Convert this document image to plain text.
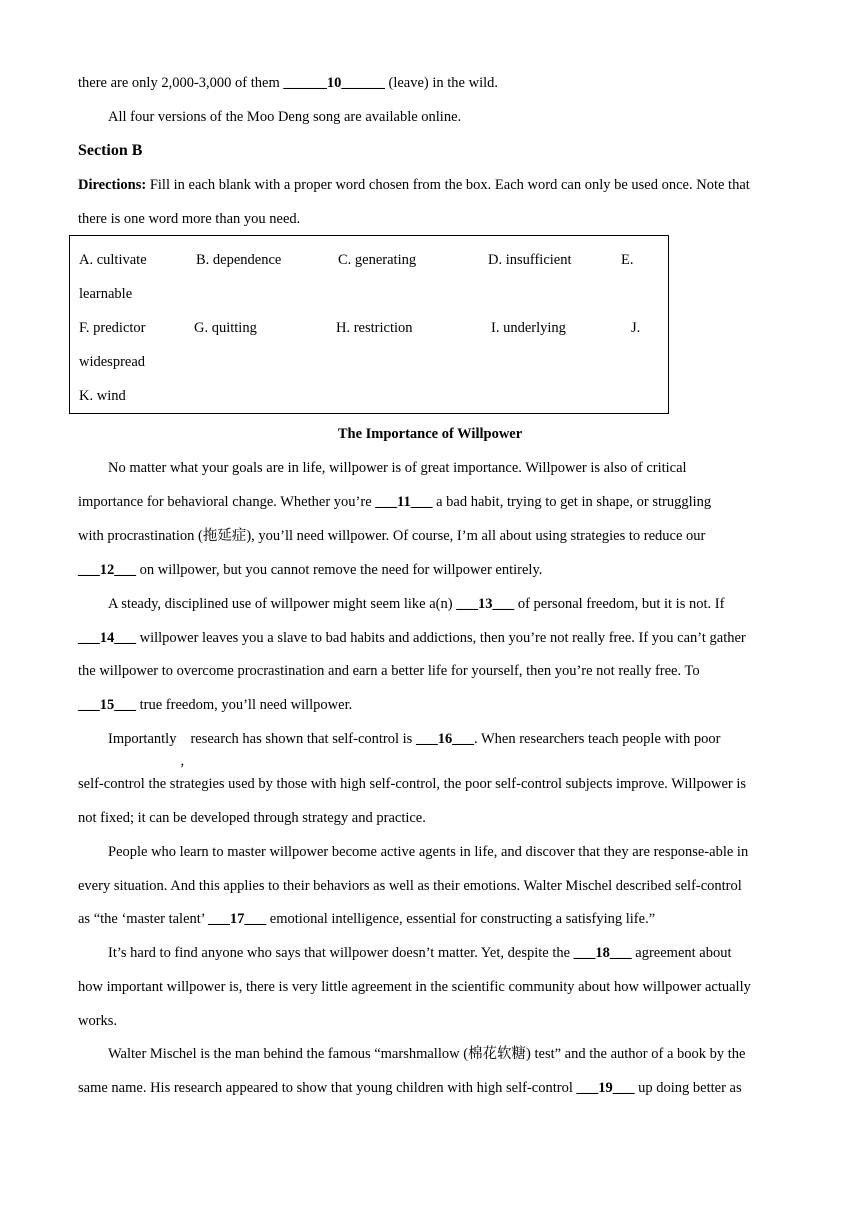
there are only 2,000-3,000 of them ______10______ (leave) in the wild.
All four versions of the Moo Deng song are available online.
Section B
Directions: Fill in each blank with a proper word chosen from the box. Each word can only be used once. Note that
there is one word more than you need.
A. cultivate	B. dependence	C. generating	D. insufficient	E.
learnable
F. predictor	G. quitting	H. restriction	I. underlying	J.
widespread
K. wind
The Importance of Willpower
No matter what your goals are in life, willpower is of great importance. Willpower is also of critical
importance for behavioral change. Whether you’re ___11___ a bad habit, trying to get in shape, or struggling
with procrastination (拖延症), you’ll need willpower. Of course, I’m all about using strategies to reduce our
___12___ on willpower, but you cannot remove the need for willpower entirely.
A steady, disciplined use of willpower might seem like a(n) ___13___ of personal freedom, but it is not. If
___14___ willpower leaves you a slave to bad habits and addictions, then you’re not really free. If you can’t gather
the willpower to overcome procrastination and earn a better life for yourself, then you’re not really free. To
___15___ true freedom, you’ll need willpower.
Importantly
,
research has shown that self-control is ___16___. When researchers teach people with poor
self-control the strategies used by those with high self-control, the poor self-control subjects improve. Willpower is
not fixed; it can be developed through strategy and practice.
People who learn to master willpower become active agents in life, and discover that they are response-able in
every situation. And this applies to their behaviors as well as their emotions. Walter Mischel described self-control
as “the ‘master talent’ ___17___ emotional intelligence, essential for constructing a satisfying life.”
It’s hard to find anyone who says that willpower doesn’t matter. Yet, despite the ___18___ agreement about
how important willpower is, there is very little agreement in the scientific community about how willpower actually
works.
Walter Mischel is the man behind the famous “marshmallow (棉花软糖) test” and the author of a book by the
same name. His research appeared to show that young children with high self-control ___19___ up doing better as
